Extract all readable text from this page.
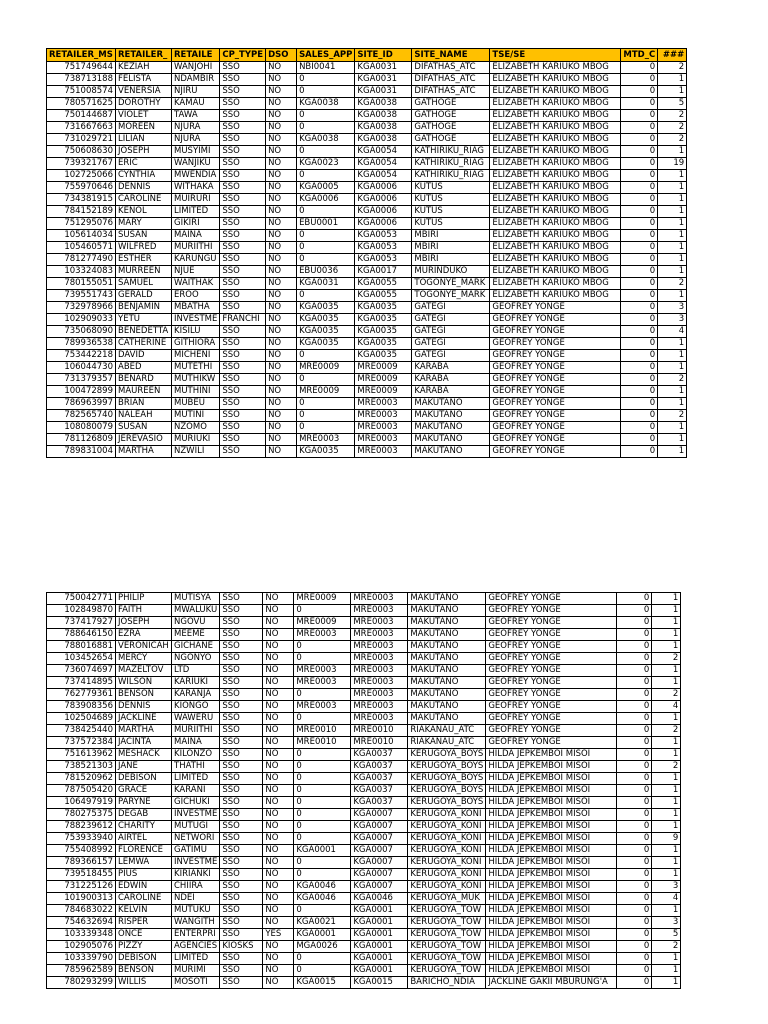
RETAILER_MS	RETAILER_	RETAILE	CP_TYPE	DSO	SALES_APP	SITE_ID	SITE_NAME	TSE/SE	MTD_C	###
751749644	KEZIAH	WANJOHI	SSO	NO	NBI0041	KGA0031	DIFATHAS_ATC	ELIZABETH KARIUKO MBOG	0	2
738713188	FELISTA	NDAMBIR	SSO	NO	0	KGA0031	DIFATHAS_ATC	ELIZABETH KARIUKO MBOG	0	1
751008574	VENERSIA	NJIRU	SSO	NO	0	KGA0031	DIFATHAS_ATC	ELIZABETH KARIUKO MBOG	0	1
780571625	DOROTHY	KAMAU	SSO	NO	KGA0038	KGA0038	GATHOGE	ELIZABETH KARIUKO MBOG	0	5
750144687	VIOLET	TAWA	SSO	NO	0	KGA0038	GATHOGE	ELIZABETH KARIUKO MBOG	0	2
731667663	MOREEN	NJURA	SSO	NO	0	KGA0038	GATHOGE	ELIZABETH KARIUKO MBOG	0	2
731029721	LILIAN	NJURA	SSO	NO	KGA0038	KGA0038	GATHOGE	ELIZABETH KARIUKO MBOG	0	2
750608630	JOSEPH	MUSYIMI	SSO	NO	0	KGA0054	KATHIRIKU_RIAG	ELIZABETH KARIUKO MBOG	0	1
739321767	ERIC	WANJIKU	SSO	NO	KGA0023	KGA0054	KATHIRIKU_RIAG	ELIZABETH KARIUKO MBOG	0	19
102725066	CYNTHIA	MWENDIA	SSO	NO	0	KGA0054	KATHIRIKU_RIAG	ELIZABETH KARIUKO MBOG	0	1
755970646	DENNIS	WITHAKA	SSO	NO	KGA0005	KGA0006	KUTUS	ELIZABETH KARIUKO MBOG	0	1
734381915	CAROLINE	MUIRURI	SSO	NO	KGA0006	KGA0006	KUTUS	ELIZABETH KARIUKO MBOG	0	1
784152189	KENOL	LIMITED	SSO	NO	0	KGA0006	KUTUS	ELIZABETH KARIUKO MBOG	0	1
751295076	MARY	GIKIRI	SSO	NO	EBU0001	KGA0006	KUTUS	ELIZABETH KARIUKO MBOG	0	1
105614034	SUSAN	MAINA	SSO	NO	0	KGA0053	MBIRI	ELIZABETH KARIUKO MBOG	0	1
105460571	WILFRED	MURIITHI	SSO	NO	0	KGA0053	MBIRI	ELIZABETH KARIUKO MBOG	0	1
781277490	ESTHER	KARUNGU	SSO	NO	0	KGA0053	MBIRI	ELIZABETH KARIUKO MBOG	0	1
103324083	MURREEN	NJUE	SSO	NO	EBU0036	KGA0017	MURINDUKO	ELIZABETH KARIUKO MBOG	0	1
780155051	SAMUEL	WAITHAK	SSO	NO	KGA0031	KGA0055	TOGONYE_MARK	ELIZABETH KARIUKO MBOG	0	2
739551743	GERALD	EROO	SSO	NO	0	KGA0055	TOGONYE_MARK	ELIZABETH KARIUKO MBOG	0	1
732978966	BENJAMIN	MBATHA	SSO	NO	KGA0035	KGA0035	GATEGI	GEOFREY YONGE	0	3
102909033	YETU	INVESTME	FRANCHI	NO	KGA0035	KGA0035	GATEGI	GEOFREY YONGE	0	3
735068090	BENEDETTA	KISILU	SSO	NO	KGA0035	KGA0035	GATEGI	GEOFREY YONGE	0	4
789936538	CATHERINE	GITHIORA	SSO	NO	KGA0035	KGA0035	GATEGI	GEOFREY YONGE	0	1
753442218	DAVID	MICHENI	SSO	NO	0	KGA0035	GATEGI	GEOFREY YONGE	0	1
106044730	ABED	MUTETHI	SSO	NO	MRE0009	MRE0009	KARABA	GEOFREY YONGE	0	1
731379357	BENARD	MUTHIKW	SSO	NO	0	MRE0009	KARABA	GEOFREY YONGE	0	2
100472899	MAUREEN	MUTHINI	SSO	NO	MRE0009	MRE0009	KARABA	GEOFREY YONGE	0	1
786963997	BRIAN	MUBEU	SSO	NO	0	MRE0003	MAKUTANO	GEOFREY YONGE	0	1
782565740	NALEAH	MUTINI	SSO	NO	0	MRE0003	MAKUTANO	GEOFREY YONGE	0	2
108080079	SUSAN	NZOMO	SSO	NO	0	MRE0003	MAKUTANO	GEOFREY YONGE	0	1
781126809	JEREVASIO	MURIUKI	SSO	NO	MRE0003	MRE0003	MAKUTANO	GEOFREY YONGE	0	1
789831004	MARTHA	NZWILI	SSO	NO	KGA0035	MRE0003	MAKUTANO	GEOFREY YONGE	0	1
750042771	PHILIP	MUTISYA	SSO	NO	MRE0009	MRE0003	MAKUTANO	GEOFREY YONGE	0	1
102849870	FAITH	MWALUKU	SSO	NO	0	MRE0003	MAKUTANO	GEOFREY YONGE	0	1
737417927	JOSEPH	NGOVU	SSO	NO	MRE0009	MRE0003	MAKUTANO	GEOFREY YONGE	0	1
788646150	EZRA	MEEME	SSO	NO	MRE0003	MRE0003	MAKUTANO	GEOFREY YONGE	0	1
788016881	VERONICAH	GICHANE	SSO	NO	0	MRE0003	MAKUTANO	GEOFREY YONGE	0	1
103452654	MERCY	NGONYO	SSO	NO	0	MRE0003	MAKUTANO	GEOFREY YONGE	0	2
736074697	MAZELTOV	LTD	SSO	NO	MRE0003	MRE0003	MAKUTANO	GEOFREY YONGE	0	1
737414895	WILSON	KARIUKI	SSO	NO	MRE0003	MRE0003	MAKUTANO	GEOFREY YONGE	0	1
762779361	BENSON	KARANJA	SSO	NO	0	MRE0003	MAKUTANO	GEOFREY YONGE	0	2
783908356	DENNIS	KIONGO	SSO	NO	MRE0003	MRE0003	MAKUTANO	GEOFREY YONGE	0	4
102504689	JACKLINE	WAWERU	SSO	NO	0	MRE0003	MAKUTANO	GEOFREY YONGE	0	1
738425440	MARTHA	MURIITHI	SSO	NO	MRE0010	MRE0010	RIAKANAU_ATC	GEOFREY YONGE	0	2
737572384	JACINTA	MAINA	SSO	NO	MRE0010	MRE0010	RIAKANAU_ATC	GEOFREY YONGE	0	1
751613962	MESHACK	KILONZO	SSO	NO	0	KGA0037	KERUGOYA_BOYS	HILDA JEPKEMBOI MISOI	0	1
738521303	JANE	THATHI	SSO	NO	0	KGA0037	KERUGOYA_BOYS	HILDA JEPKEMBOI MISOI	0	2
781520962	DEBISON	LIMITED	SSO	NO	0	KGA0037	KERUGOYA_BOYS	HILDA JEPKEMBOI MISOI	0	1
787505420	GRACE	KARANI	SSO	NO	0	KGA0037	KERUGOYA_BOYS	HILDA JEPKEMBOI MISOI	0	1
106497919	PARYNE	GICHUKI	SSO	NO	0	KGA0037	KERUGOYA_BOYS	HILDA JEPKEMBOI MISOI	0	1
780275375	DEGAB	INVESTME	SSO	NO	0	KGA0007	KERUGOYA_KONI	HILDA JEPKEMBOI MISOI	0	1
788239612	CHARITY	MUTUGI	SSO	NO	0	KGA0007	KERUGOYA_KONI	HILDA JEPKEMBOI MISOI	0	1
753933940	AIRTEL	NETWORI	SSO	NO	0	KGA0007	KERUGOYA_KONI	HILDA JEPKEMBOI MISOI	0	9
755408992	FLORENCE	GATIMU	SSO	NO	KGA0001	KGA0007	KERUGOYA_KONI	HILDA JEPKEMBOI MISOI	0	1
789366157	LEMWA	INVESTME	SSO	NO	0	KGA0007	KERUGOYA_KONI	HILDA JEPKEMBOI MISOI	0	1
739518455	PIUS	KIRIANKI	SSO	NO	0	KGA0007	KERUGOYA_KONI	HILDA JEPKEMBOI MISOI	0	1
731225126	EDWIN	CHIIRA	SSO	NO	KGA0046	KGA0007	KERUGOYA_KONI	HILDA JEPKEMBOI MISOI	0	3
101900313	CAROLINE	NDEI	SSO	NO	KGA0046	KGA0046	KERUGOYA_MUK	HILDA JEPKEMBOI MISOI	0	4
784683022	KELVIN	MUTUKU	SSO	NO	0	KGA0001	KERUGOYA_TOW	HILDA JEPKEMBOI MISOI	0	1
754632694	RISPER	WANGITH	SSO	NO	KGA0021	KGA0001	KERUGOYA_TOW	HILDA JEPKEMBOI MISOI	0	3
103339348	ONCE	ENTERPRI	SSO	YES	KGA0001	KGA0001	KERUGOYA_TOW	HILDA JEPKEMBOI MISOI	0	5
102905076	PIZZY	AGENCIES	KIOSKS	NO	MGA0026	KGA0001	KERUGOYA_TOW	HILDA JEPKEMBOI MISOI	0	2
103339790	DEBISON	LIMITED	SSO	NO	0	KGA0001	KERUGOYA_TOW	HILDA JEPKEMBOI MISOI	0	1
785962589	BENSON	MURIMI	SSO	NO	0	KGA0001	KERUGOYA_TOW	HILDA JEPKEMBOI MISOI	0	1
780293299	WILLIS	MOSOTI	SSO	NO	KGA0015	KGA0015	BARICHO_NDIA	JACKLINE GAKII MBURUNG'A	0	1
